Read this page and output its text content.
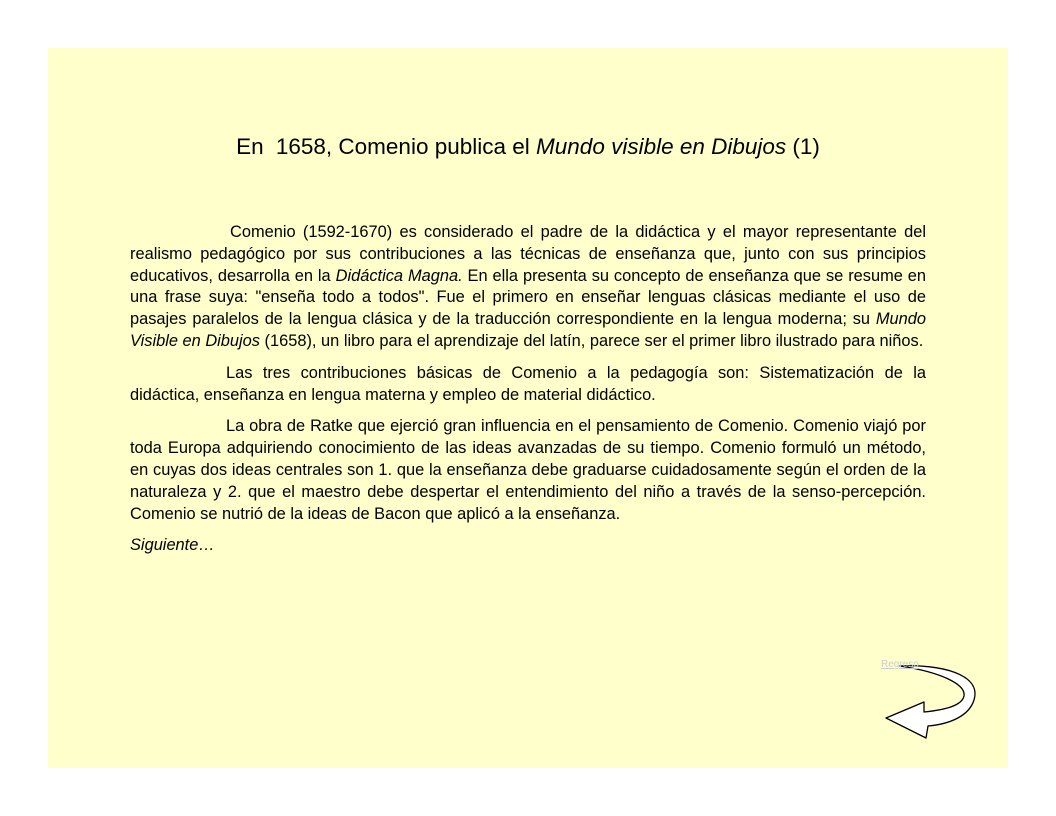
En 1658, Comenio publica el Mundo visible en Dibujos (1)

Comenio (1592-1670) es considerado el padre de la didáctica y el mayor representante del realismo pedagógico por sus contribuciones a las técnicas de enseñanza que, junto con sus principios educativos, desarrolla en la Didáctica Magna. En ella presenta su concepto de enseñanza que se resume en una frase suya: "enseña todo a todos". Fue el primero en enseñar lenguas clásicas mediante el uso de pasajes paralelos de la lengua clásica y de la traducción correspondiente en la lengua moderna; su Mundo Visible en Dibujos (1658), un libro para el aprendizaje del latín, parece ser el primer libro ilustrado para niños.

Las tres contribuciones básicas de Comenio a la pedagogía son: Sistematización de la didáctica, enseñanza en lengua materna y empleo de material didáctico.

La obra de Ratke que ejerció gran influencia en el pensamiento de Comenio. Comenio viajó por toda Europa adquiriendo conocimiento de las ideas avanzadas de su tiempo. Comenio formuló un método, en cuyas dos ideas centrales son 1. que la enseñanza debe graduarse cuidadosamente según el orden de la naturaleza y 2. que el maestro debe despertar el entendimiento del niño a través de la senso-percepción. Comenio se nutrió de la ideas de Bacon que aplicó a la enseñanza.

Siguiente…

Regreso
